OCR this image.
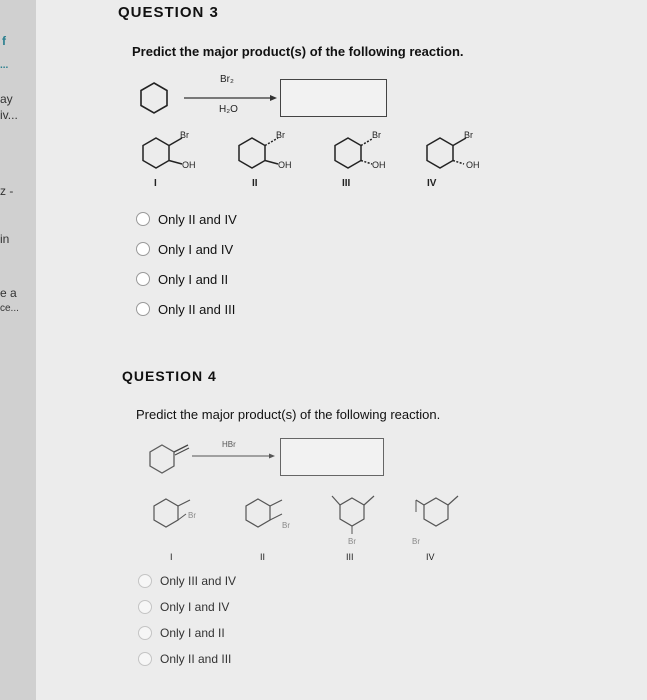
f
...
ay
iv...
z -
in
e a
ce...
QUESTION 3
Predict the major product(s) of the following reaction.
Br₂
H₂O
Br
OH
Br
OH
Br
OH
Br
OH
I	II	III	IV
Only II and IV
Only I and IV
Only I and II
Only II and III
QUESTION 4
Predict the major product(s) of the following reaction.
HBr
Br
Br
Br	Br
I	II	III	IV
Only III and IV
Only I and IV
Only I and II
Only II and III
